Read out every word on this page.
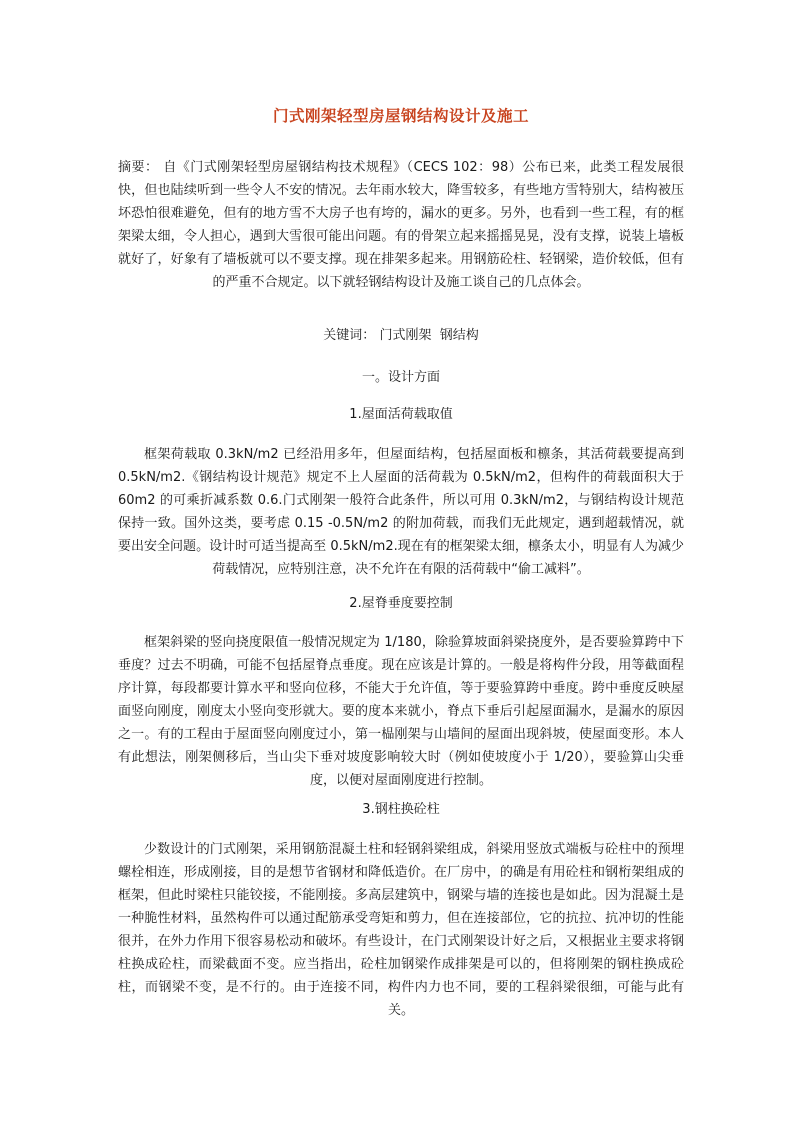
门式刚架轻型房屋钢结构设计及施工

摘要： 自《门式刚架轻型房屋钢结构技术规程》（CECS 102：98）公布已来，此类工程发展很快，但也陆续听到一些令人不安的情况。去年雨水较大，降雪较多，有些地方雪特别大，结构被压坏恐怕很难避免，但有的地方雪不大房子也有垮的，漏水的更多。另外，也看到一些工程，有的框架梁太细，令人担心，遇到大雪很可能出问题。有的骨架立起来摇摇晃晃，没有支撑，说装上墙板就好了，好象有了墙板就可以不要支撑。现在排架多起来。用钢筋砼柱、轻钢梁，造价较低，但有的严重不合规定。以下就轻钢结构设计及施工谈自己的几点体会。

关键词： 门式刚架  钢结构

一。设计方面

1.屋面活荷载取值

框架荷载取 0.3kN/m2 已经沿用多年，但屋面结构，包括屋面板和檩条，其活荷载要提高到 0.5kN/m2.《钢结构设计规范》规定不上人屋面的活荷载为 0.5kN/m2，但构件的荷载面积大于 60m2 的可乘折减系数 0.6.门式刚架一般符合此条件，所以可用 0.3kN/m2，与钢结构设计规范保持一致。国外这类，要考虑 0.15 -0.5N/m2 的附加荷载，而我们无此规定，遇到超载情况，就要出安全问题。设计时可适当提高至 0.5kN/m2.现在有的框架梁太细，檩条太小，明显有人为减少荷载情况，应特别注意，决不允许在有限的活荷载中“偷工减料”。

2.屋脊垂度要控制

框架斜梁的竖向挠度限值一般情况规定为 1/180，除验算坡面斜梁挠度外，是否要验算跨中下垂度？过去不明确，可能不包括屋脊点垂度。现在应该是计算的。一般是将构件分段，用等截面程序计算，每段都要计算水平和竖向位移，不能大于允许值，等于要验算跨中垂度。跨中垂度反映屋面竖向刚度，刚度太小竖向变形就大。要的度本来就小，脊点下垂后引起屋面漏水，是漏水的原因之一。有的工程由于屋面竖向刚度过小，第一榀刚架与山墙间的屋面出现斜坡，使屋面变形。本人有此想法，刚架侧移后，当山尖下垂对坡度影响较大时（例如使坡度小于 1/20），要验算山尖垂度，以便对屋面刚度进行控制。

3.钢柱换砼柱

少数设计的门式刚架，采用钢筋混凝土柱和轻钢斜梁组成，斜梁用竖放式端板与砼柱中的预埋螺栓相连，形成刚接，目的是想节省钢材和降低造价。在厂房中，的确是有用砼柱和钢桁架组成的框架，但此时梁柱只能铰接，不能刚接。多高层建筑中，钢梁与墙的连接也是如此。因为混凝土是一种脆性材料，虽然构件可以通过配筋承受弯矩和剪力，但在连接部位，它的抗拉、抗冲切的性能很并，在外力作用下很容易松动和破坏。有些设计，在门式刚架设计好之后，又根据业主要求将钢柱换成砼柱，而梁截面不变。应当指出，砼柱加钢梁作成排架是可以的，但将刚架的钢柱换成砼柱，而钢梁不变，是不行的。由于连接不同，构件内力也不同，要的工程斜梁很细，可能与此有关。
